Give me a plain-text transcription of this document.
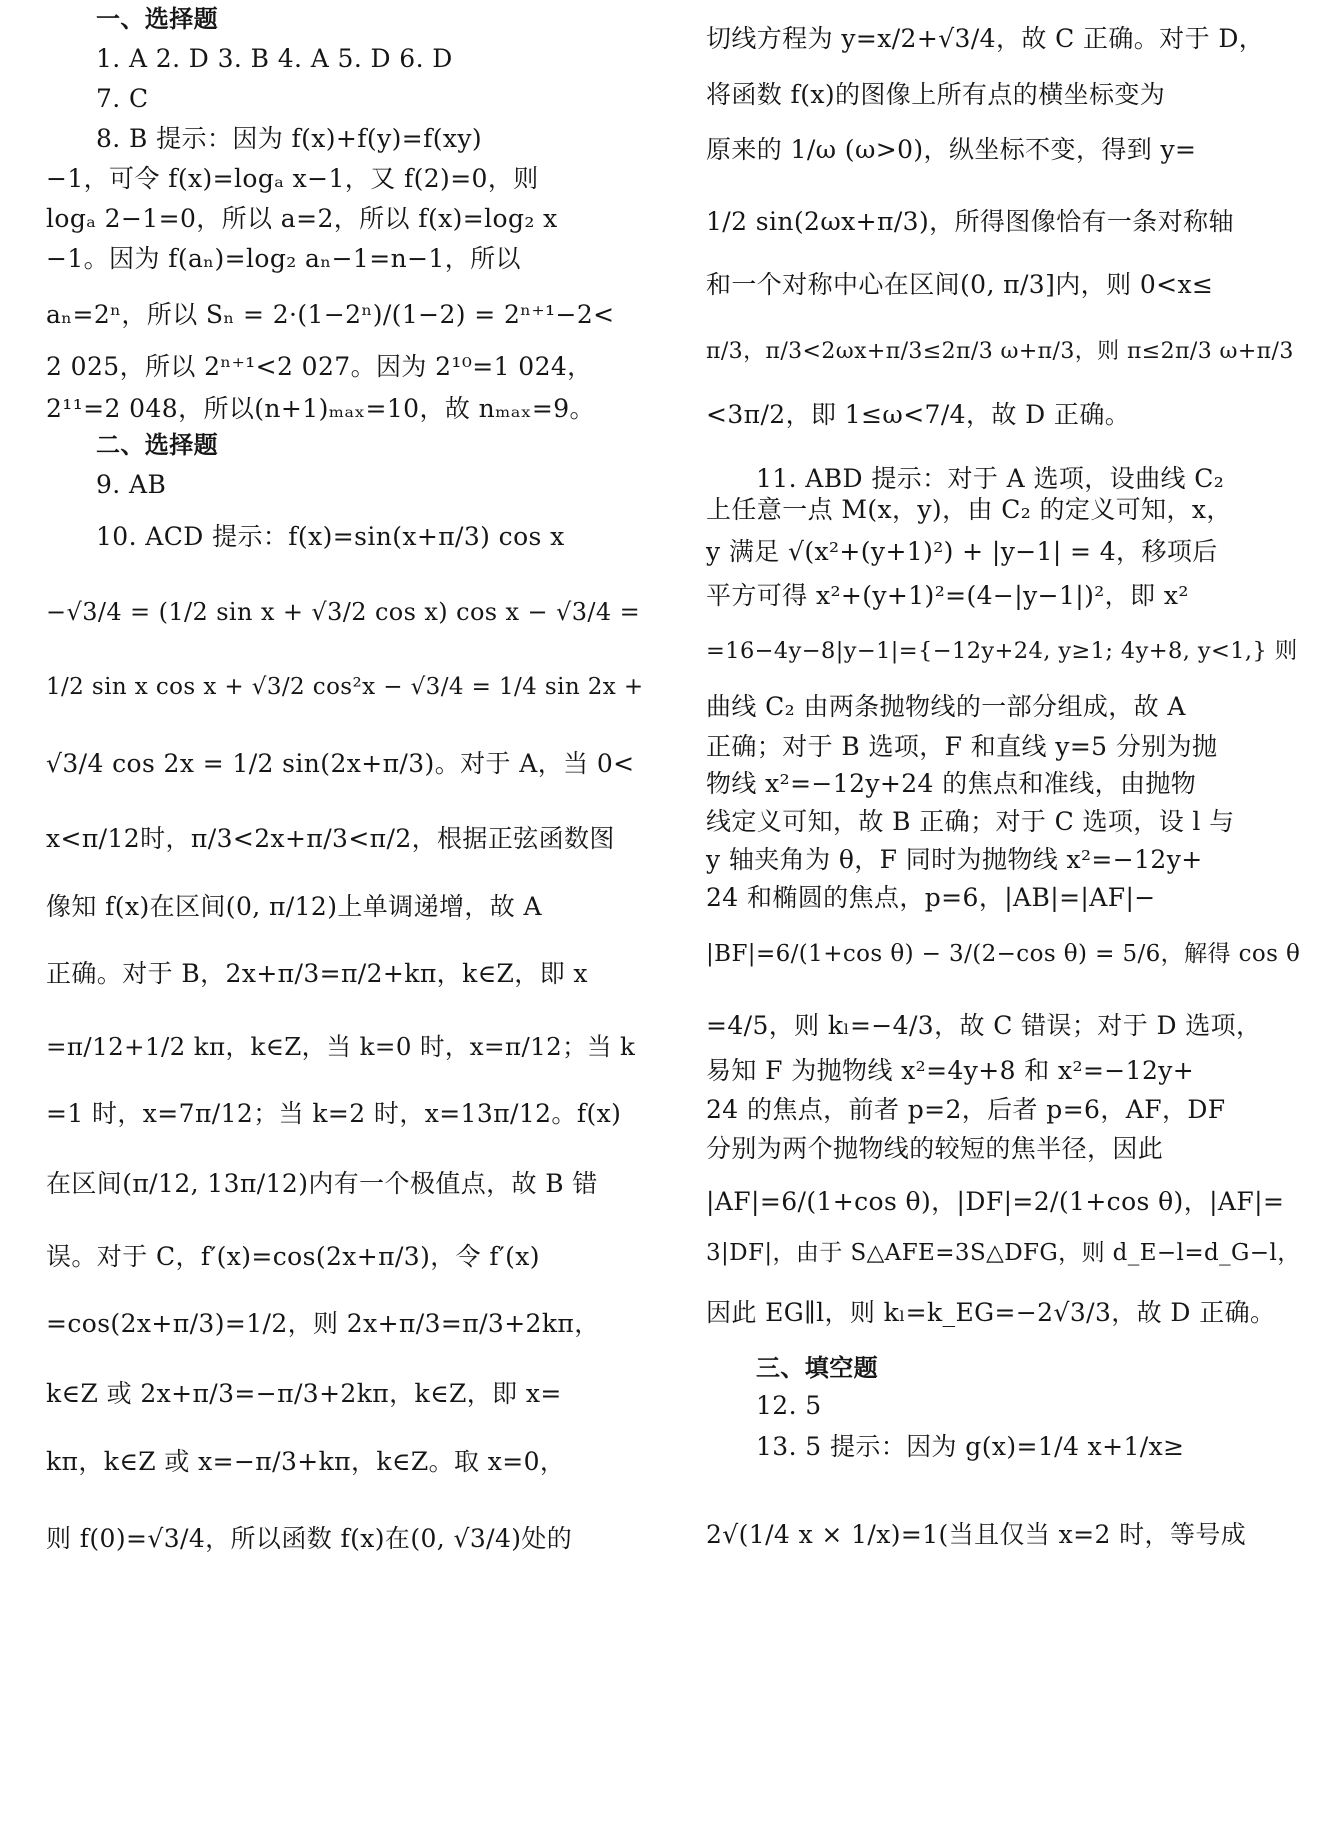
一、选择题
1. A 2. D 3. B 4. A 5. D 6. D
7. C
8. B 提示：因为 f(x)+f(y)=f(xy)
−1，可令 f(x)=logₐ x−1，又 f(2)=0，则
logₐ 2−1=0，所以 a=2，所以 f(x)=log₂ x
−1。因为 f(aₙ)=log₂ aₙ−1=n−1，所以
aₙ=2ⁿ，所以 Sₙ = 2·(1−2ⁿ)/(1−2) = 2ⁿ⁺¹−2<
2 025，所以 2ⁿ⁺¹<2 027。因为 2¹⁰=1 024，
2¹¹=2 048，所以(n+1)ₘₐₓ=10，故 nₘₐₓ=9。
二、选择题
9. AB
10. ACD 提示：f(x)=sin(x+π/3) cos x
−√3/4 = (1/2 sin x + √3/2 cos x) cos x − √3/4 =
1/2 sin x cos x + √3/2 cos²x − √3/4 = 1/4 sin 2x +
√3/4 cos 2x = 1/2 sin(2x+π/3)。对于 A，当 0<
x<π/12时，π/3<2x+π/3<π/2，根据正弦函数图
像知 f(x)在区间(0, π/12)上单调递增，故 A
正确。对于 B，2x+π/3=π/2+kπ，k∈Z，即 x
=π/12+1/2 kπ，k∈Z，当 k=0 时，x=π/12；当 k
=1 时，x=7π/12；当 k=2 时，x=13π/12。f(x)
在区间(π/12, 13π/12)内有一个极值点，故 B 错
误。对于 C，f′(x)=cos(2x+π/3)，令 f′(x)
=cos(2x+π/3)=1/2，则 2x+π/3=π/3+2kπ，
k∈Z 或 2x+π/3=−π/3+2kπ，k∈Z，即 x=
kπ，k∈Z 或 x=−π/3+kπ，k∈Z。取 x=0，
则 f(0)=√3/4，所以函数 f(x)在(0, √3/4)处的
切线方程为 y=x/2+√3/4，故 C 正确。对于 D，
将函数 f(x)的图像上所有点的横坐标变为
原来的 1/ω (ω>0)，纵坐标不变，得到 y=
1/2 sin(2ωx+π/3)，所得图像恰有一条对称轴
和一个对称中心在区间(0, π/3]内，则 0<x≤
π/3，π/3<2ωx+π/3≤2π/3 ω+π/3，则 π≤2π/3 ω+π/3
<3π/2，即 1≤ω<7/4，故 D 正确。
11. ABD 提示：对于 A 选项，设曲线 C₂
上任意一点 M(x，y)，由 C₂ 的定义可知，x，
y 满足 √(x²+(y+1)²) + |y−1| = 4，移项后
平方可得 x²+(y+1)²=(4−|y−1|)²，即 x²
=16−4y−8|y−1|={−12y+24, y≥1; 4y+8, y<1,} 则
曲线 C₂ 由两条抛物线的一部分组成，故 A
正确；对于 B 选项，F 和直线 y=5 分别为抛
物线 x²=−12y+24 的焦点和准线，由抛物
线定义可知，故 B 正确；对于 C 选项，设 l 与
y 轴夹角为 θ，F 同时为抛物线 x²=−12y+
24 和椭圆的焦点，p=6，|AB|=|AF|−
|BF|=6/(1+cos θ) − 3/(2−cos θ) = 5/6，解得 cos θ
=4/5，则 kₗ=−4/3，故 C 错误；对于 D 选项，
易知 F 为抛物线 x²=4y+8 和 x²=−12y+
24 的焦点，前者 p=2，后者 p=6，AF，DF
分别为两个抛物线的较短的焦半径，因此
|AF|=6/(1+cos θ)，|DF|=2/(1+cos θ)，|AF|=
3|DF|，由于 S△AFE=3S△DFG，则 d_E−l=d_G−l，
因此 EG∥l，则 kₗ=k_EG=−2√3/3，故 D 正确。
三、填空题
12. 5
13. 5 提示：因为 g(x)=1/4 x+1/x≥
2√(1/4 x × 1/x)=1(当且仅当 x=2 时，等号成
